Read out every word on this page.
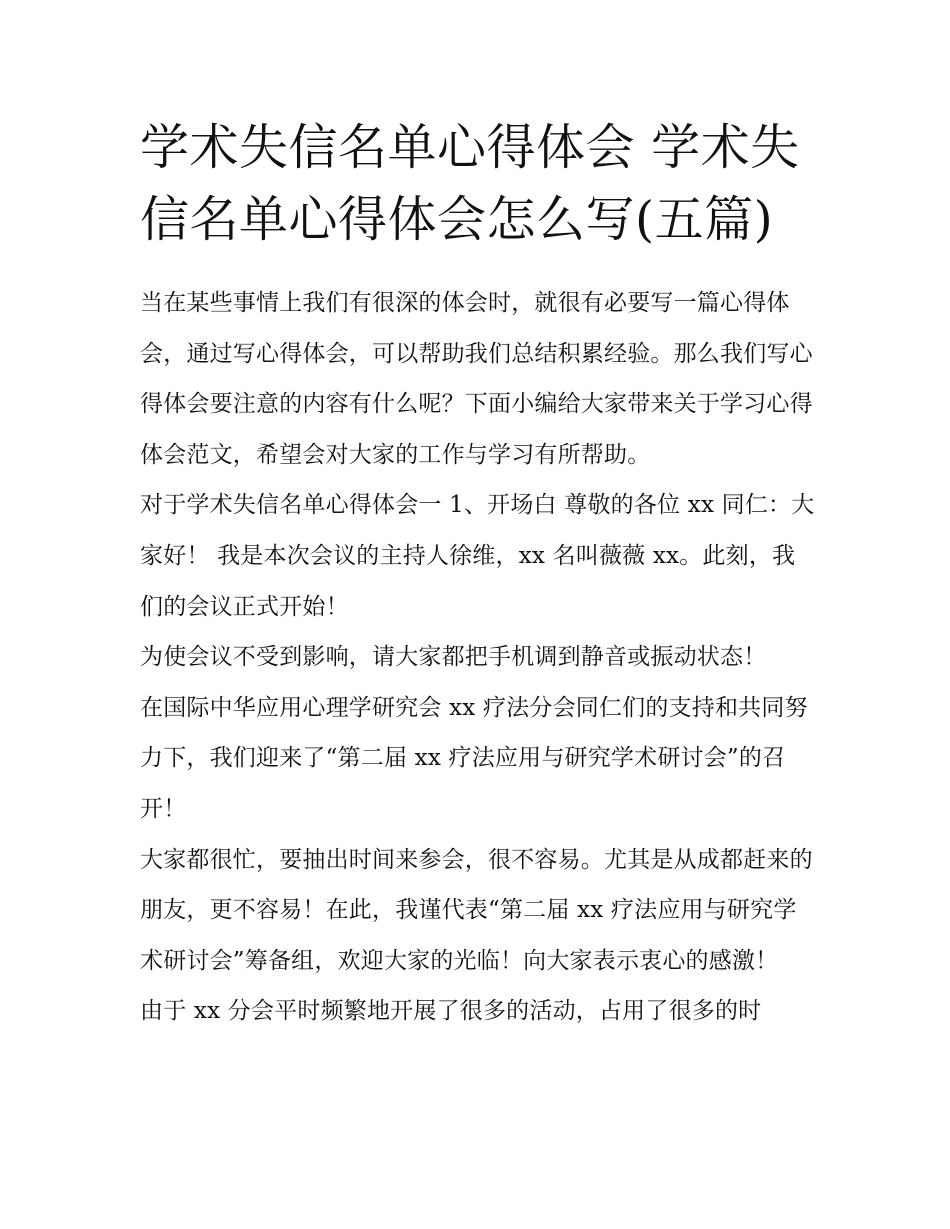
学术失信名单心得体会 学术失信名单心得体会怎么写(五篇)

当在某些事情上我们有很深的体会时，就很有必要写一篇心得体会，通过写心得体会，可以帮助我们总结积累经验。那么我们写心得体会要注意的内容有什么呢？下面小编给大家带来关于学习心得体会范文，希望会对大家的工作与学习有所帮助。

对于学术失信名单心得体会一 1、开场白 尊敬的各位 xx 同仁：大家好！ 我是本次会议的主持人徐维，xx 名叫薇薇 xx。此刻，我们的会议正式开始！

为使会议不受到影响，请大家都把手机调到静音或振动状态！

在国际中华应用心理学研究会 xx 疗法分会同仁们的支持和共同努力下，我们迎来了“第二届 xx 疗法应用与研究学术研讨会”的召开！

大家都很忙，要抽出时间来参会，很不容易。尤其是从成都赶来的朋友，更不容易！在此，我谨代表“第二届 xx 疗法应用与研究学术研讨会”筹备组，欢迎大家的光临！向大家表示衷心的感激！

由于 xx 分会平时频繁地开展了很多的活动，占用了很多的时
